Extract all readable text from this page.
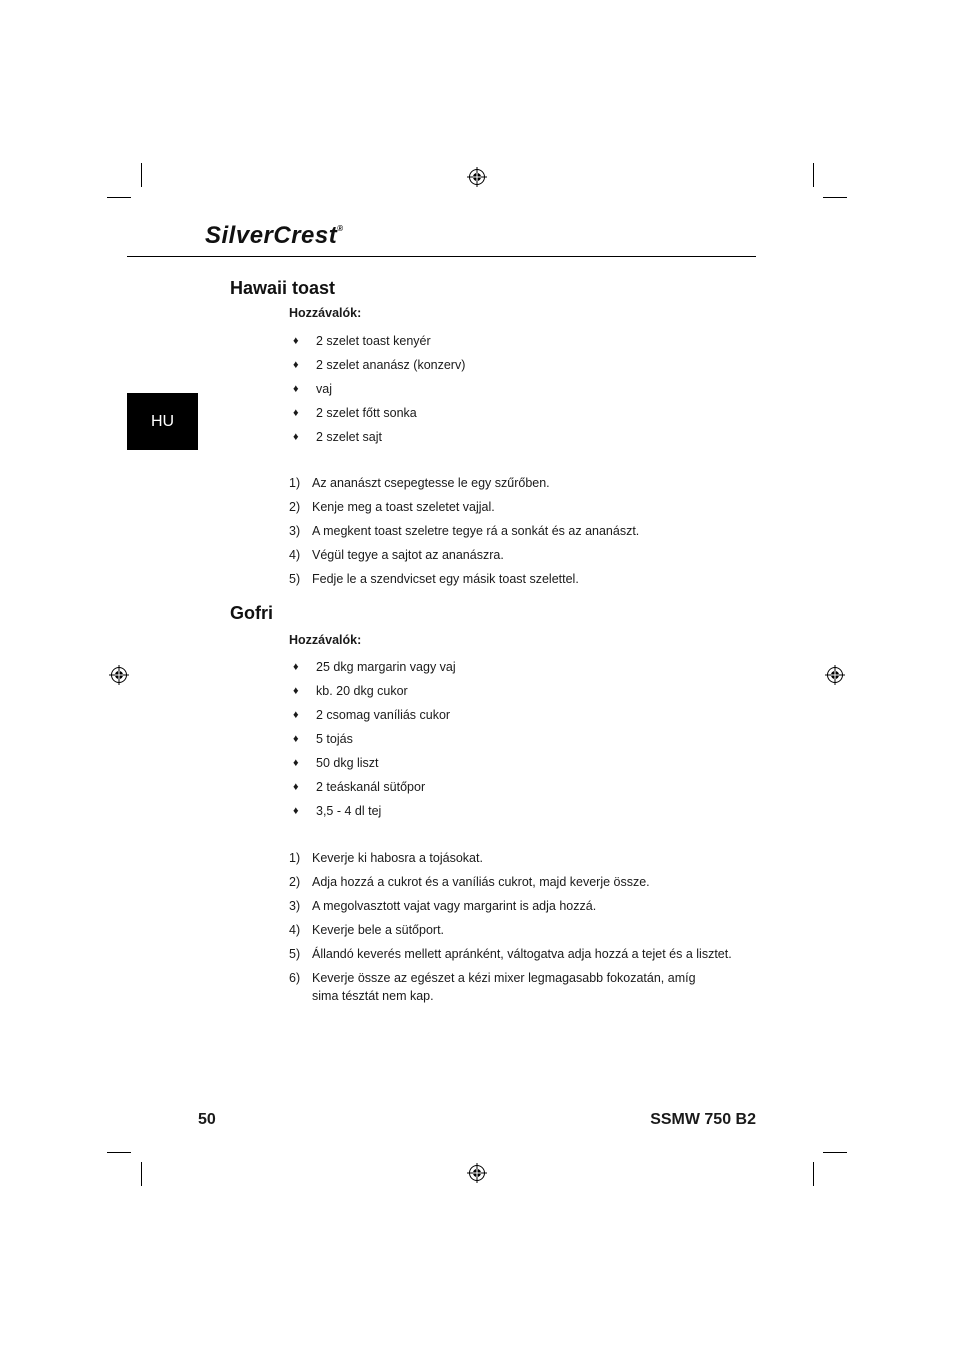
SilverCrest®
HU
Hawaii toast
Hozzávalók:
♦	2 szelet toast kenyér
♦	2 szelet ananász (konzerv)
♦	vaj
♦	2 szelet főtt sonka
♦	2 szelet sajt
1) Az ananászt csepegtesse le egy szűrőben.
2) Kenje meg a toast szeletet vajjal.
3) A megkent toast szeletre tegye rá a sonkát és az ananászt.
4) Végül tegye a sajtot az ananászra.
5) Fedje le a szendvicset egy másik toast szelettel.
Gofri
Hozzávalók:
♦	25 dkg margarin vagy vaj
♦	kb. 20 dkg cukor
♦	2 csomag vaníliás cukor
♦	5 tojás
♦	50 dkg liszt
♦	2 teáskanál sütőpor
♦	3,5 - 4 dl tej
1) Keverje ki habosra a tojásokat.
2) Adja hozzá a cukrot és a vaníliás cukrot, majd keverje össze.
3) A megolvasztott vajat vagy margarint is adja hozzá.
4) Keverje bele a sütőport.
5) Állandó keverés mellett apránként, váltogatva adja hozzá a tejet és a lisztet.
6) Keverje össze az egészet a kézi mixer legmagasabb fokozatán, amíg sima tésztát nem kap.
50	SSMW 750 B2
